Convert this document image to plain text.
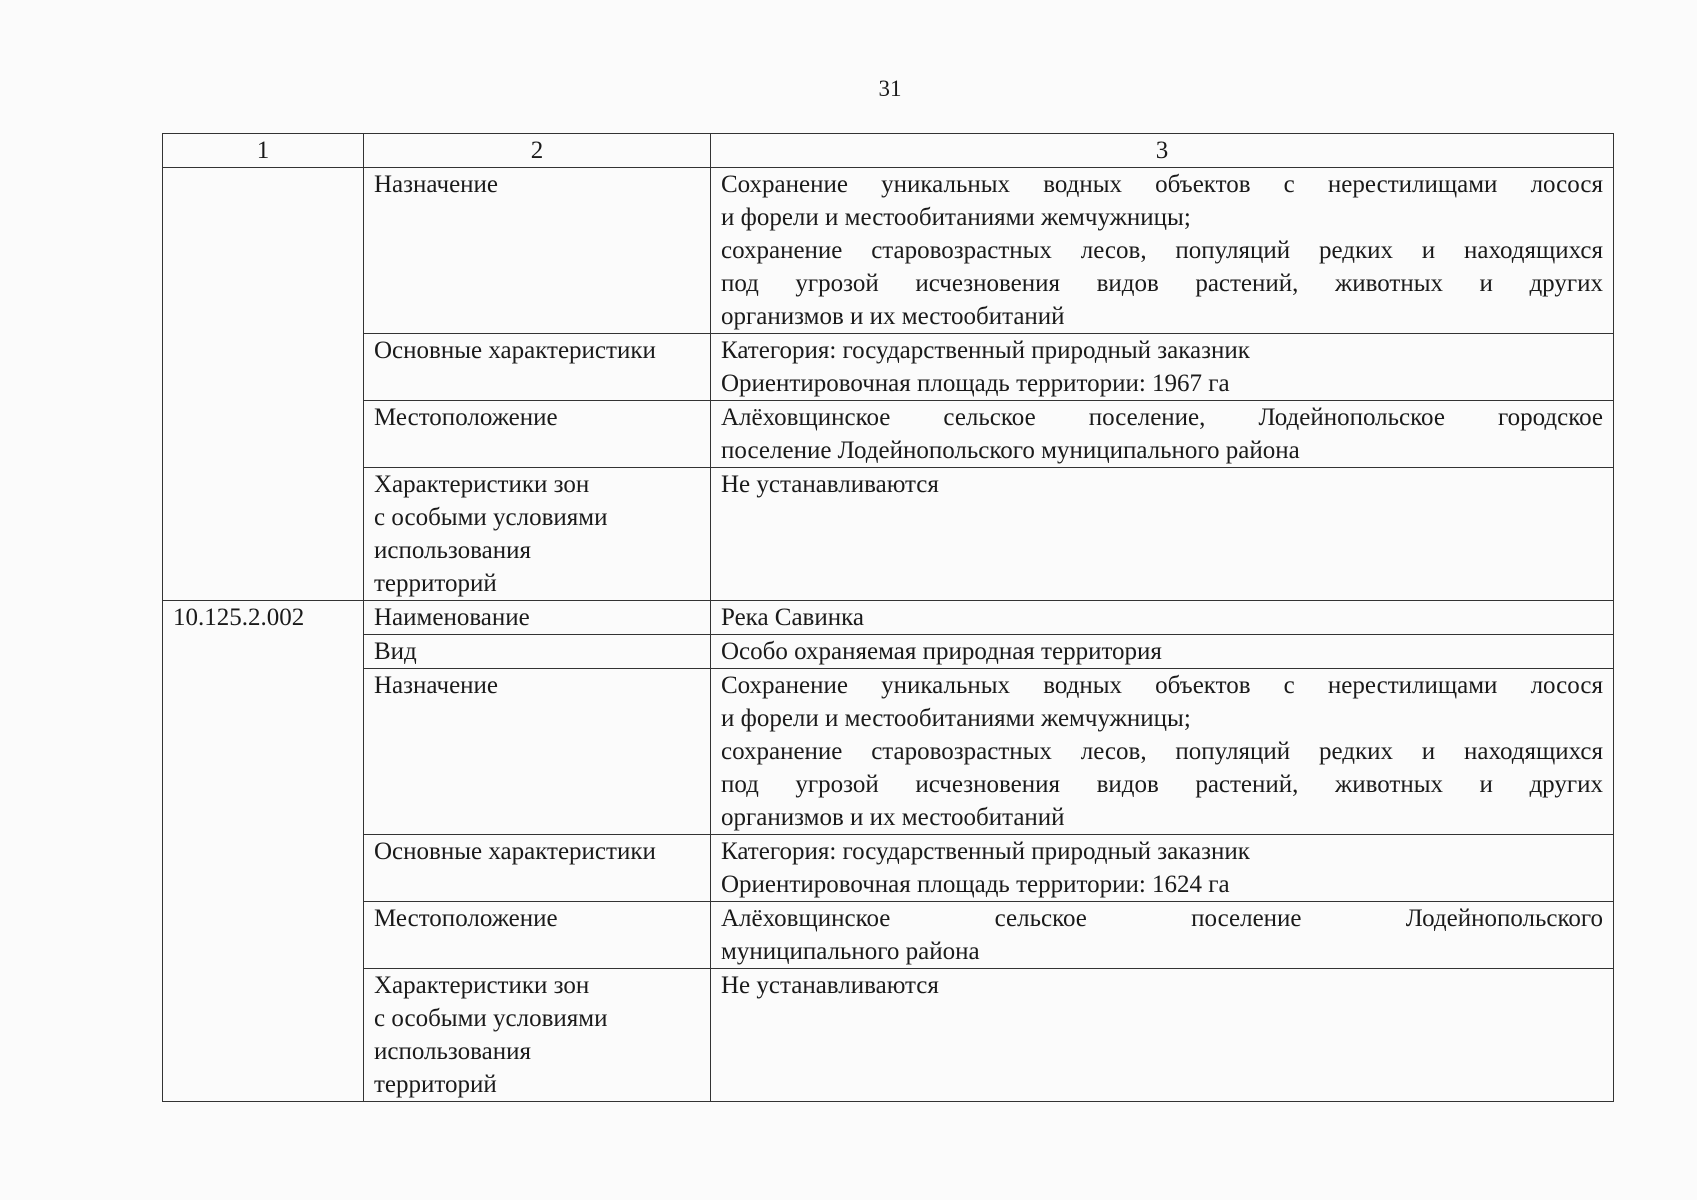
31
1	2	3
	Назначение	Сохранение уникальных водных объектов с нерестилищами лосося
и форели и местообитаниями жемчужницы;
сохранение старовозрастных лесов, популяций редких и находящихся
под угрозой исчезновения видов растений, животных и других
организмов и их местообитаний

	Основные характеристики	Категория: государственный природный заказник
Ориентировочная площадь территории: 1967 га

	Местоположение	Алёховщинское сельское поселение, Лодейнопольское городское
поселение Лодейнопольского муниципального района

	Характеристики зон
с особыми условиями
использования
территорий	Не устанавливаются
10.125.2.002	Наименование	Река Савинка
	Вид	Особо охраняемая природная территория
	Назначение	Сохранение уникальных водных объектов с нерестилищами лосося
и форели и местообитаниями жемчужницы;
сохранение старовозрастных лесов, популяций редких и находящихся
под угрозой исчезновения видов растений, животных и других
организмов и их местообитаний

	Основные характеристики	Категория: государственный природный заказник
Ориентировочная площадь территории: 1624 га

	Местоположение	Алёховщинское сельское поселение Лодейнопольского
муниципального района

	Характеристики зон
с особыми условиями
использования
территорий	Не устанавливаются
